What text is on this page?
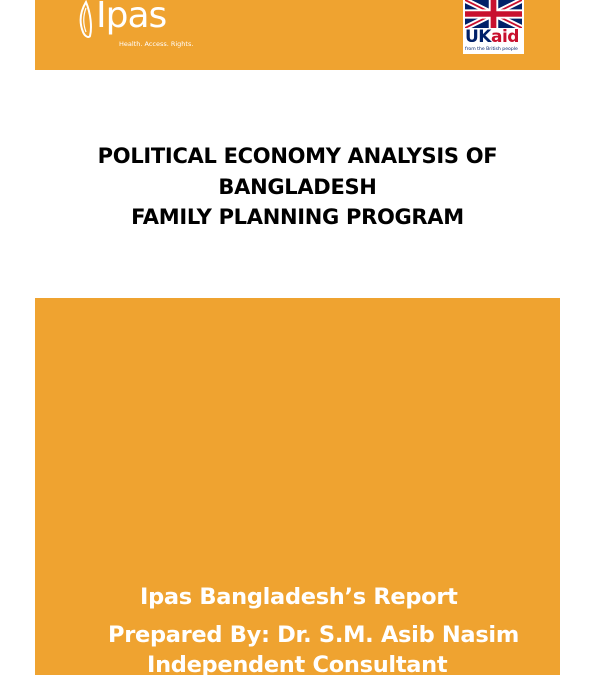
Ipas
Health. Access. Rights.	UKaid
from the British people
POLITICAL ECONOMY ANALYSIS OF
BANGLADESH
FAMILY PLANNING PROGRAM
Ipas Bangladesh’s Report
Prepared By: Dr. S.M. Asib Nasim
Independent Consultant
